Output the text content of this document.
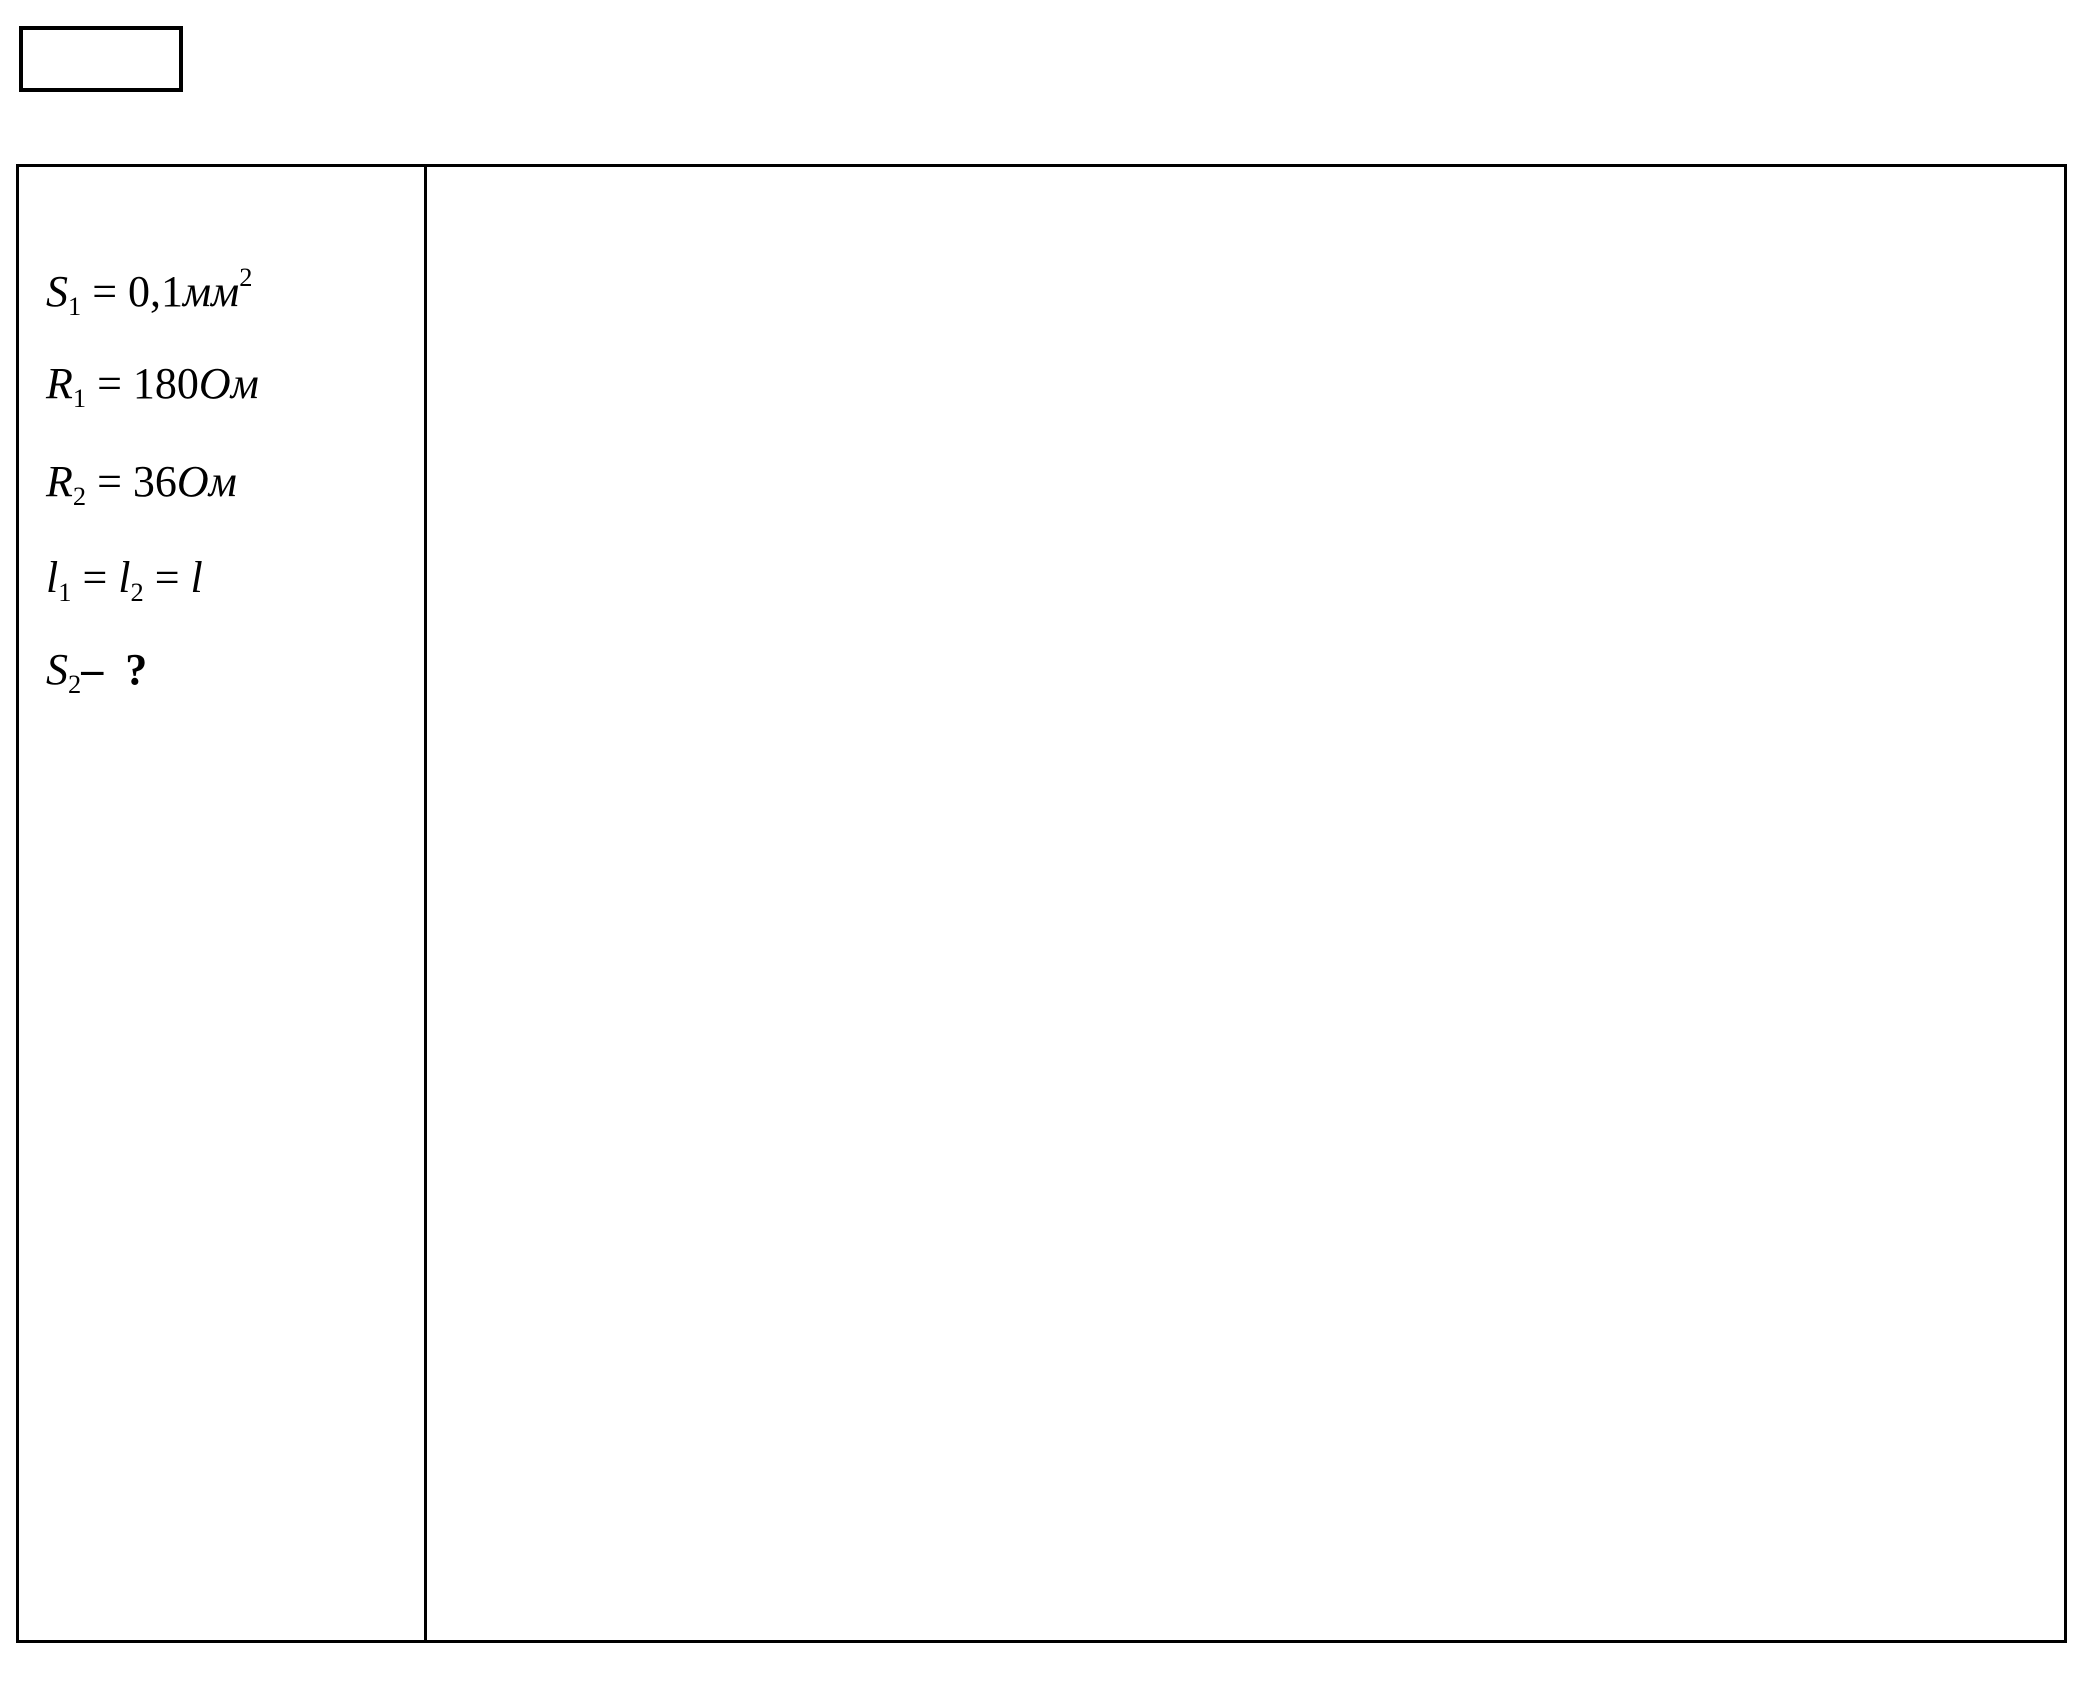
$S_1 = 0,1мм^2$
$R_1 = 180Ом$
$R_2 = 36Ом$
$l_1 = l_2 = l$
$S_2-$ ?
